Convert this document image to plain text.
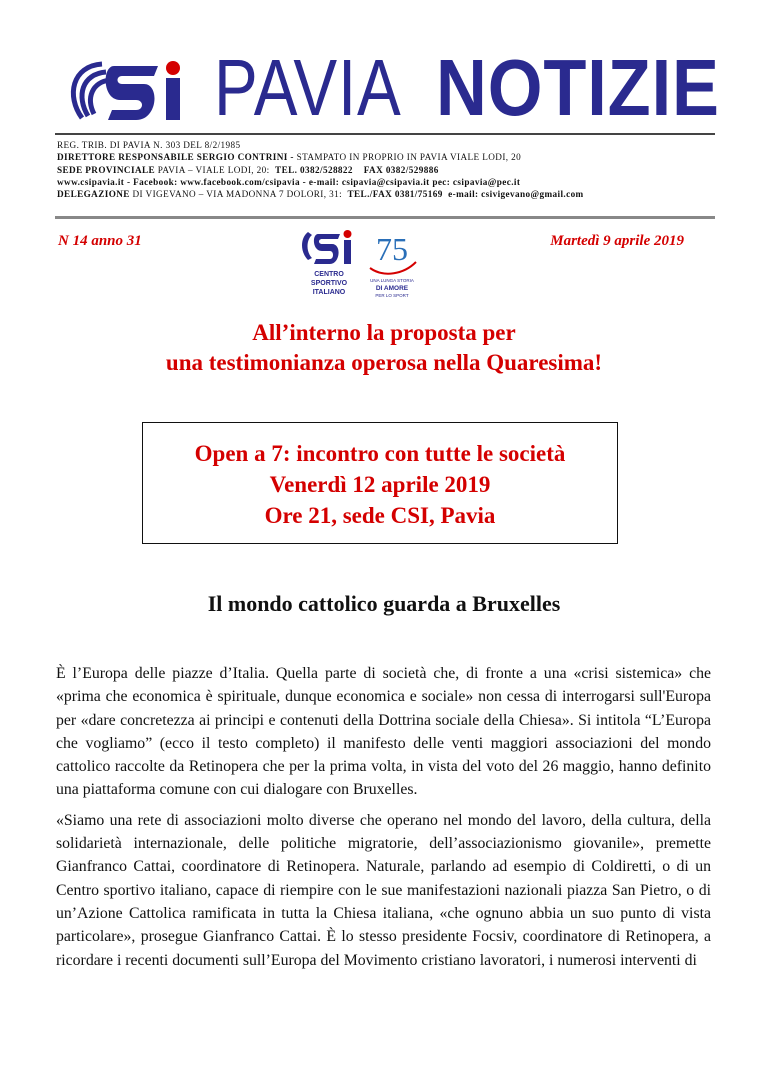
PAVIA NOTIZIE
REG. TRIB. DI PAVIA N. 303 DEL 8/2/1985
DIRETTORE RESPONSABILE SERGIO CONTRINI - STAMPATO IN PROPRIO IN PAVIA VIALE LODI, 20
SEDE PROVINCIALE PAVIA – VIALE LODI, 20: TEL. 0382/528822 FAX 0382/529886
www.csipavia.it - Facebook: www.facebook.com/csipavia - e-mail: csipavia@csipavia.it pec: csipavia@pec.it
DELEGAZIONE DI VIGEVANO – VIA MADONNA 7 DOLORI, 31: TEL./FAX 0381/75169 e-mail: csivigevano@gmail.com
N 14 anno 31	Martedì 9 aprile 2019
CENTRO
SPORTIVO
ITALIANO
75
UNA LUNGA STORIA
DI AMORE
PER LO SPORT
All’interno la proposta per
una testimonianza operosa nella Quaresima!
Open a 7: incontro con tutte le società
Venerdì 12 aprile 2019
Ore 21, sede CSI, Pavia
Il mondo cattolico guarda a Bruxelles

È l’Europa delle piazze d’Italia. Quella parte di società che, di fronte a una «crisi sistemica» che «prima che economica è spirituale, dunque economica e sociale» non cessa di interrogarsi sull'Europa per «dare concretezza ai principi e contenuti della Dottrina sociale della Chiesa». Si intitola “L’Europa che vogliamo” (ecco il testo completo) il manifesto delle venti maggiori associazioni del mondo cattolico raccolte da Retinopera che per la prima volta, in vista del voto del 26 maggio, hanno definito una piattaforma comune con cui dialogare con Bruxelles.

«Siamo una rete di associazioni molto diverse che operano nel mondo del lavoro, della cultura, della solidarietà internazionale, delle politiche migratorie, dell’associazionismo giovanile», premette Gianfranco Cattai, coordinatore di Retinopera. Naturale, parlando ad esempio di Coldiretti, o di un Centro sportivo italiano, capace di riempire con le sue manifestazioni nazionali piazza San Pietro, o di un’Azione Cattolica ramificata in tutta la Chiesa italiana, «che ognuno abbia un suo punto di vista particolare», prosegue Gianfranco Cattai. È lo stesso presidente Focsiv, coordinatore di Retinopera, a ricordare i recenti documenti sull’Europa del Movimento cristiano lavoratori, i numerosi interventi di
